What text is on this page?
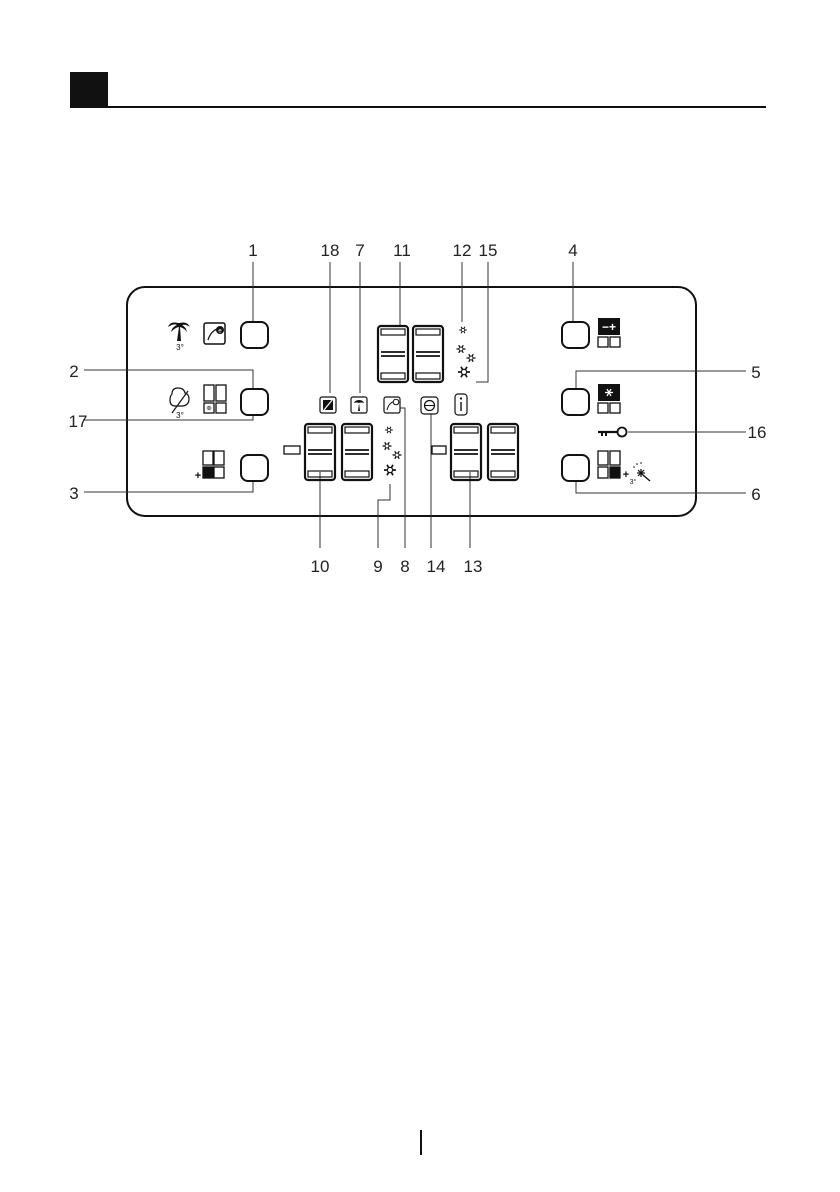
1	18 7 11 12 15	4
2
17
3
5
16
6
10	9 8 14 13
3°
e
3°
+
−+
+
3°
